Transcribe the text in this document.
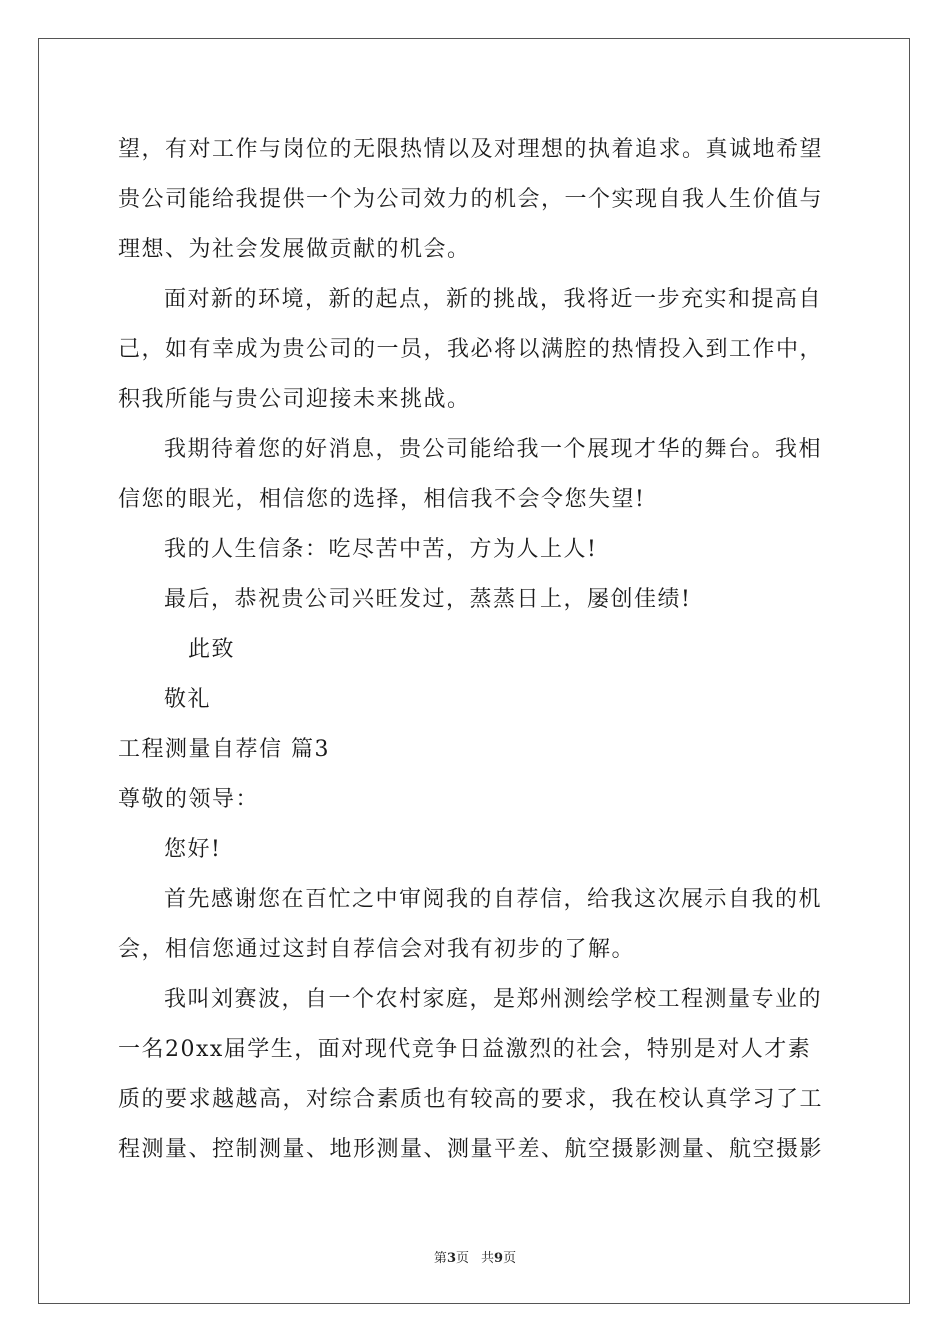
望，有对工作与岗位的无限热情以及对理想的执着追求。真诚地希望
贵公司能给我提供一个为公司效力的机会，一个实现自我人生价值与
理想、为社会发展做贡献的机会。
面对新的环境，新的起点，新的挑战，我将近一步充实和提高自
己，如有幸成为贵公司的一员，我必将以满腔的热情投入到工作中，
积我所能与贵公司迎接未来挑战。
我期待着您的好消息，贵公司能给我一个展现才华的舞台。我相
信您的眼光，相信您的选择，相信我不会令您失望!
我的人生信条：吃尽苦中苦，方为人上人!
最后，恭祝贵公司兴旺发过，蒸蒸日上，屡创佳绩!
此致
敬礼
工程测量自荐信 篇3
尊敬的领导：
您好!
首先感谢您在百忙之中审阅我的自荐信，给我这次展示自我的机
会，相信您通过这封自荐信会对我有初步的了解。
我叫刘赛波，自一个农村家庭，是郑州测绘学校工程测量专业的
一名20xx届学生，面对现代竞争日益激烈的社会，特别是对人才素
质的要求越越高，对综合素质也有较高的要求，我在校认真学习了工
程测量、控制测量、地形测量、测量平差、航空摄影测量、航空摄影
第3页 共9页
